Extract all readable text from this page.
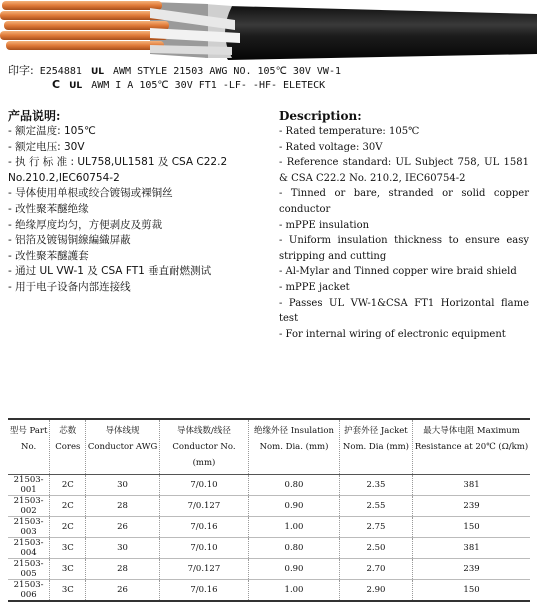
印字: E254881 UL AWM STYLE 21503 AWG NO. 105℃ 30V VW-1
C UL AWM I A 105℃ 30V FT1 -LF- -HF- ELETECK
产品说明:
- 额定温度: 105℃
- 额定电压: 30V
- 执 行 标 准 : UL758,UL1581 及 CSA C22.2 No.210.2,IEC60754-2
- 导体使用单根或绞合镀锡或裸铜丝
- 改性聚苯醚绝缘
- 绝缘厚度均匀，方便剥皮及剪裁
- 铝箔及镀锡铜線編織屏蔽
- 改性聚苯醚護套
- 通过 UL VW-1 及 CSA FT1 垂直耐燃测试
- 用于电子设备内部连接线
Description:
- Rated temperature: 105℃
- Rated voltage: 30V
- Reference standard: UL Subject 758, UL 1581 & CSA C22.2 No. 210.2, IEC60754-2
- Tinned or bare, stranded or solid copper conductor
- mPPE insulation
- Uniform insulation thickness to ensure easy stripping and cutting
- Al-Mylar and Tinned copper wire braid shield
- mPPE jacket
- Passes UL VW-1&CSA FT1 Horizontal flame test
- For internal wiring of electronic equipment
型号 Part No.	芯数 Cores	导体线规 Conductor AWG	导体线数/线径 Conductor No. (mm)	绝缘外径 Insulation Nom. Dia. (mm)	护套外径 Jacket Nom. Dia (mm)	最大导体电阻 Maximum Resistance at 20℃ (Ω/km)
21503-001	2C	30	7/0.10	0.80	2.35	381
21503-002	2C	28	7/0.127	0.90	2.55	239
21503-003	2C	26	7/0.16	1.00	2.75	150
21503-004	3C	30	7/0.10	0.80	2.50	381
21503-005	3C	28	7/0.127	0.90	2.70	239
21503-006	3C	26	7/0.16	1.00	2.90	150
